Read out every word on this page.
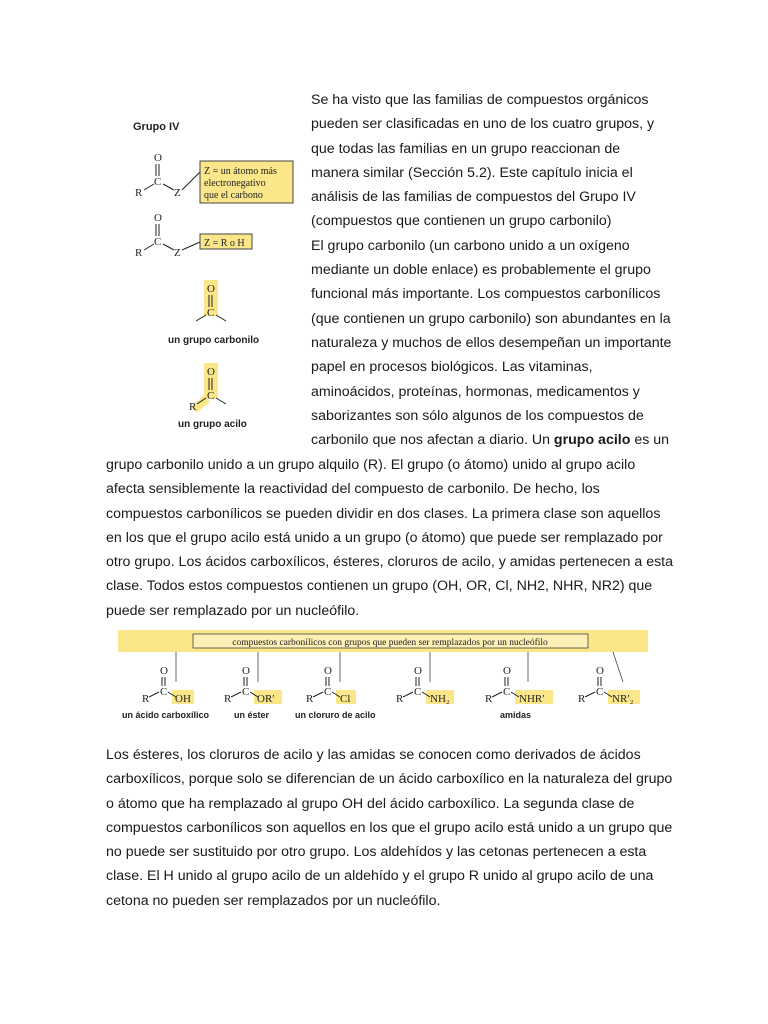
Grupo IV
O
C
R	Z
Z = un átomo más
electronegativo
que el carbono
O
C
R	Z
Z = R o H
O
C
un grupo carbonilo
O
C
R
un grupo acilo
Se ha visto que las familias de compuestos orgánicos
pueden ser clasificadas en uno de los cuatro grupos, y
que todas las familias en un grupo reaccionan de
manera similar (Sección 5.2). Este capítulo inicia el
análisis de las familias de compuestos del Grupo IV
(compuestos que contienen un grupo carbonilo)
El grupo carbonilo (un carbono unido a un oxígeno
mediante un doble enlace) es probablemente el grupo
funcional más importante. Los compuestos carbonílicos
(que contienen un grupo carbonilo) son abundantes en la
naturaleza y muchos de ellos desempeñan un importante
papel en procesos biológicos. Las vitaminas,
aminoácidos, proteínas, hormonas, medicamentos y
saborizantes son sólo algunos de los compuestos de
carbonilo que nos afectan a diario. Un grupo acilo es un
grupo carbonilo unido a un grupo alquilo (R). El grupo (o átomo) unido al grupo acilo
afecta sensiblemente la reactividad del compuesto de carbonilo. De hecho, los
compuestos carbonílicos se pueden dividir en dos clases. La primera clase son aquellos
en los que el grupo acilo está unido a un grupo (o átomo) que puede ser remplazado por
otro grupo. Los ácidos carboxílicos, ésteres, cloruros de acilo, y amidas pertenecen a esta
clase. Todos estos compuestos contienen un grupo (OH, OR, Cl, NH2, NHR, NR2) que
puede ser remplazado por un nucleófilo.
compuestos carbonílicos con grupos que pueden ser remplazados por un nucleófilo
O
C
R OH
O
C
R OR′
O
C
R Cl
O
C
R NH₂
O
C
R NHR′
O
C
R NR′₂
un ácido carboxílico	un éster	un cloruro de acilo	amidas
Los ésteres, los cloruros de acilo y las amidas se conocen como derivados de ácidos
carboxílicos, porque solo se diferencian de un ácido carboxílico en la naturaleza del grupo
o átomo que ha remplazado al grupo OH del ácido carboxílico. La segunda clase de
compuestos carbonílicos son aquellos en los que el grupo acilo está unido a un grupo que
no puede ser sustituido por otro grupo. Los aldehídos y las cetonas pertenecen a esta
clase. El H unido al grupo acilo de un aldehído y el grupo R unido al grupo acilo de una
cetona no pueden ser remplazados por un nucleófilo.
